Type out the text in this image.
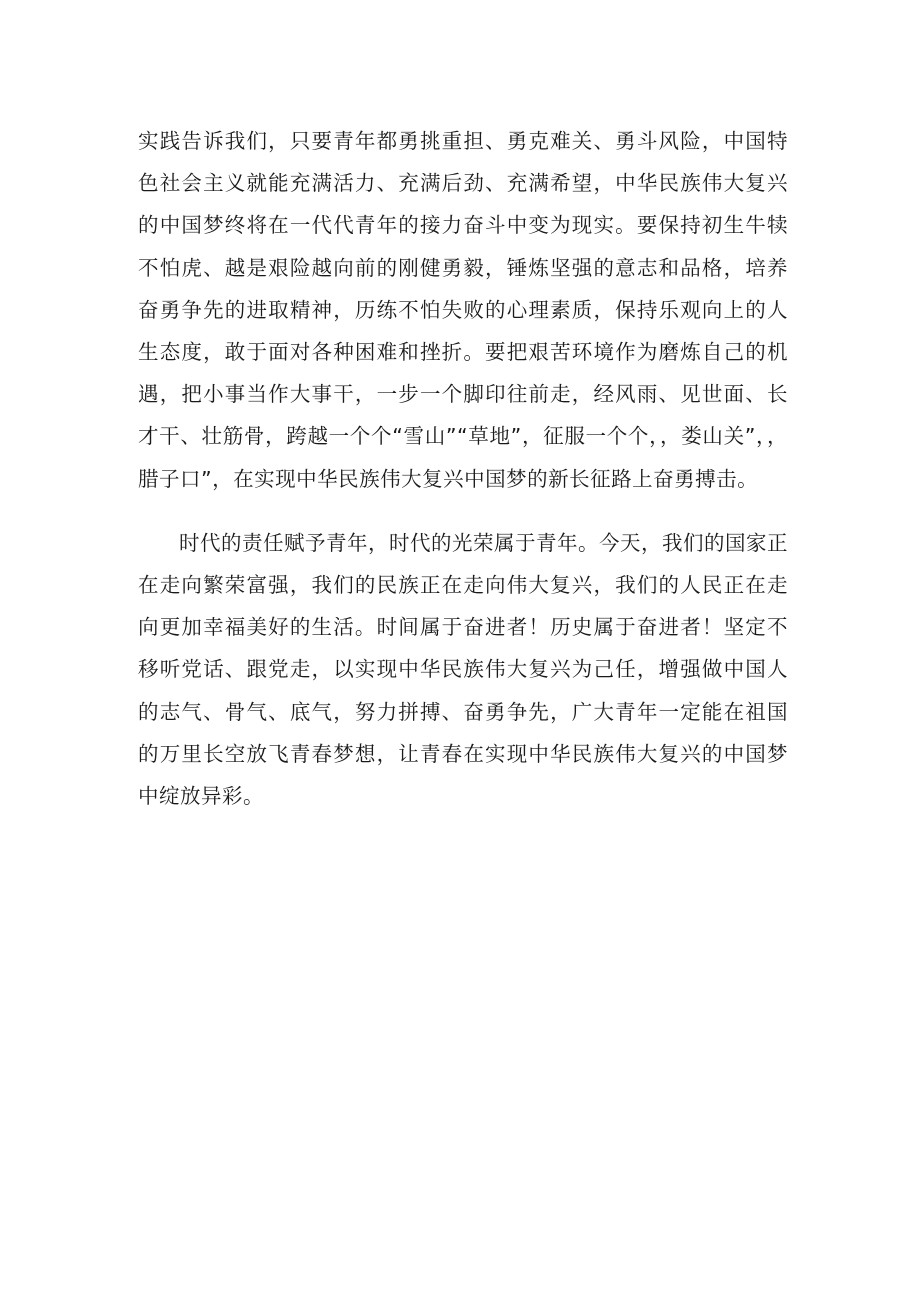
实践告诉我们，只要青年都勇挑重担、勇克难关、勇斗风险，中国特色社会主义就能充满活力、充满后劲、充满希望，中华民族伟大复兴的中国梦终将在一代代青年的接力奋斗中变为现实。要保持初生牛犊不怕虎、越是艰险越向前的刚健勇毅，锤炼坚强的意志和品格，培养奋勇争先的进取精神，历练不怕失败的心理素质，保持乐观向上的人生态度，敢于面对各种困难和挫折。要把艰苦环境作为磨炼自己的机遇，把小事当作大事干，一步一个脚印往前走，经风雨、见世面、长才干、壮筋骨，跨越一个个“雪山”“草地”，征服一个个，，娄山关”，，腊子口”，在实现中华民族伟大复兴中国梦的新长征路上奋勇搏击。

时代的责任赋予青年，时代的光荣属于青年。今天，我们的国家正在走向繁荣富强，我们的民族正在走向伟大复兴，我们的人民正在走向更加幸福美好的生活。时间属于奋进者！历史属于奋进者！坚定不移听党话、跟党走，以实现中华民族伟大复兴为己任，增强做中国人的志气、骨气、底气，努力拼搏、奋勇争先，广大青年一定能在祖国的万里长空放飞青春梦想，让青春在实现中华民族伟大复兴的中国梦中绽放异彩。
